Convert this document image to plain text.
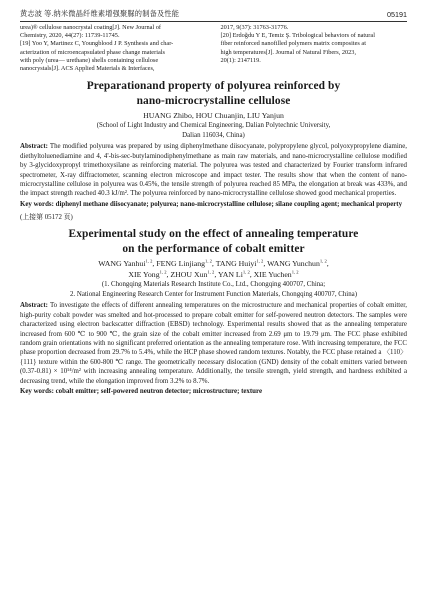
黄志波 等.纳米微晶纤维素增强聚脲的制备及性能	05191

urea)® cellulose nanocrystal coating[J]. New Journal of

Chemistry, 2020, 44(27): 11739-11745.

[19] Yoo Y, Martinez C, Youngblood J P. Synthesis and char-

acterization of microencapsulated phase change materials

with poly (urea— urethane) shells containing cellulose

nanocrystals[J]. ACS Applied Materials & Interfaces,

2017, 9(37): 31763-31776.

[20] Erdoğdu Y E, Temiz Ş. Tribological behaviors of natural

fiber reinforced nanofilled polymers matrix composites at

high temperatures[J]. Journal of Natural Fibers, 2023,

20(1): 2147119.

Preparationand property of polyurea reinforced by
nano-microcrystalline cellulose
HUANG Zhibo, HOU Chuanjin, LIU Yanjun
(School of Light Industry and Chemical Engineering, Dalian Polytechnic University,
Dalian 116034, China)
Abstract: The modified polyurea was prepared by using diphenylmethane diisocyanate, polypropylene glycol, polyoxypropylene diamine, diethyltoluenediamine and 4, 4'-bis-sec-butylaminodiphenylmethane as main raw materials, and nano-microcrystalline cellulose modified by 3-glycidoxypropyl trimethoxysilane as reinforcing material. The polyurea was tested and characterized by Fourier transform infrared spectrometer, X-ray diffractometer, scanning electron microscope and impact tester. The results show that when the content of nano-microcrystalline cellulose in polyurea was 0.45%, the tensile strength of polyurea reached 85 MPa, the elongation at break was 433%, and the impact strength reached 40.3 kJ/m². The polyurea reinforced by nano-microcrystalline cellulose showed good mechanical properties.
Key words: diphenyl methane diisocyanate; polyurea; nano-microcrystalline cellulose; silane coupling agent; mechanical property
(上接第 05172 页)
Experimental study on the effect of annealing temperature
on the performance of cobalt emitter
WANG Yanhui$^{1, 2}$, FENG Linjiang$^{1, 2}$, TANG Huiyi$^{1, 2}$, WANG Yunchun$^{1, 2}$,
XIE Yong$^{1, 2}$, ZHOU Xun$^{1, 2}$, YAN Li$^{1, 2}$, XIE Yuchen$^{1, 2}$
(1. Chongqing Materials Research Institute Co., Ltd., Chongqing 400707, China;
2. National Engineering Research Center for Instrument Function Materials, Chongqing 400707, China)
Abstract: To investigate the effects of different annealing temperatures on the microstructure and mechanical properties of cobalt emitter, high-purity cobalt powder was smelted and hot-processed to prepare cobalt emitter for self-powered neutron detectors. The samples were characterized using electron backscatter diffraction (EBSD) technology. Experimental results showed that as the annealing temperature increased from 600 ℃ to 900 ℃, the grain size of the cobalt emitter increased from 2.69 μm to 19.79 μm. The FCC phase exhibited random grain orientations with no significant preferred orientation as the annealing temperature rose. With increasing temperature, the FCC phase proportion decreased from 29.7% to 5.4%, while the HCP phase showed random textures. Notably, the FCC phase retained a 〈110〉{111} texture within the 600-800 ℃ range. The geometrically necessary dislocation (GND) density of the cobalt emitters varied between (0.37-0.81) × 10¹⁴/m² with increasing annealing temperature. Additionally, the tensile strength, yield strength, and hardness exhibited a decreasing trend, while the elongation improved from 3.2% to 8.7%.
Key words: cobalt emitter; self-powered neutron detector; microstructure; texture
